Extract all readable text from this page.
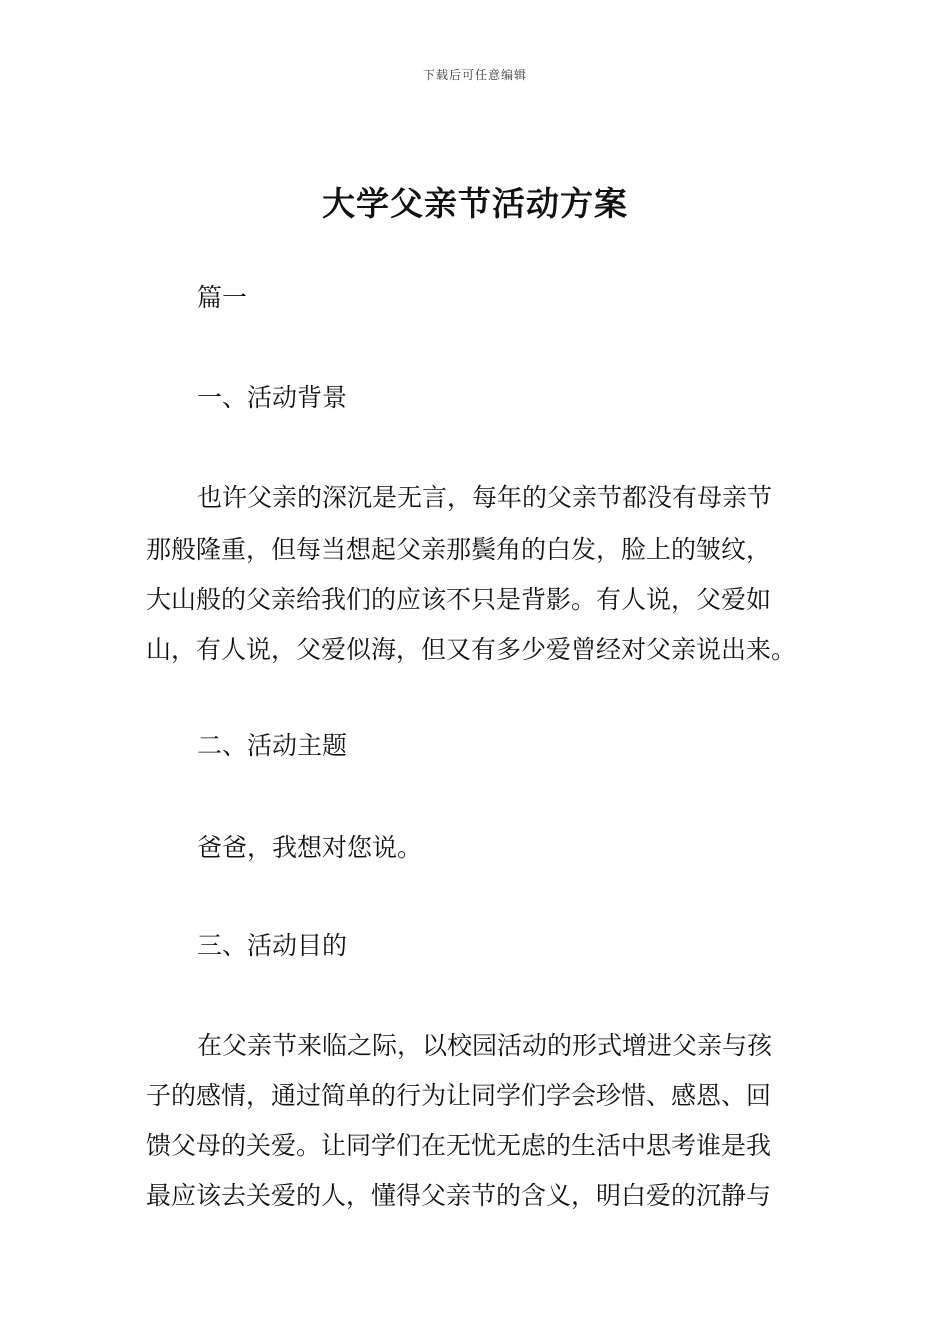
下载后可任意编辑
大学父亲节活动方案
篇一
一、活动背景
也许父亲的深沉是无言，每年的父亲节都没有母亲节
那般隆重，但每当想起父亲那鬓角的白发，脸上的皱纹，
大山般的父亲给我们的应该不只是背影。有人说，父爱如
山，有人说，父爱似海，但又有多少爱曾经对父亲说出来。
二、活动主题
爸爸，我想对您说。
三、活动目的
在父亲节来临之际，以校园活动的形式增进父亲与孩
子的感情，通过简单的行为让同学们学会珍惜、感恩、回
馈父母的关爱。让同学们在无忧无虑的生活中思考谁是我
最应该去关爱的人，懂得父亲节的含义，明白爱的沉静与
